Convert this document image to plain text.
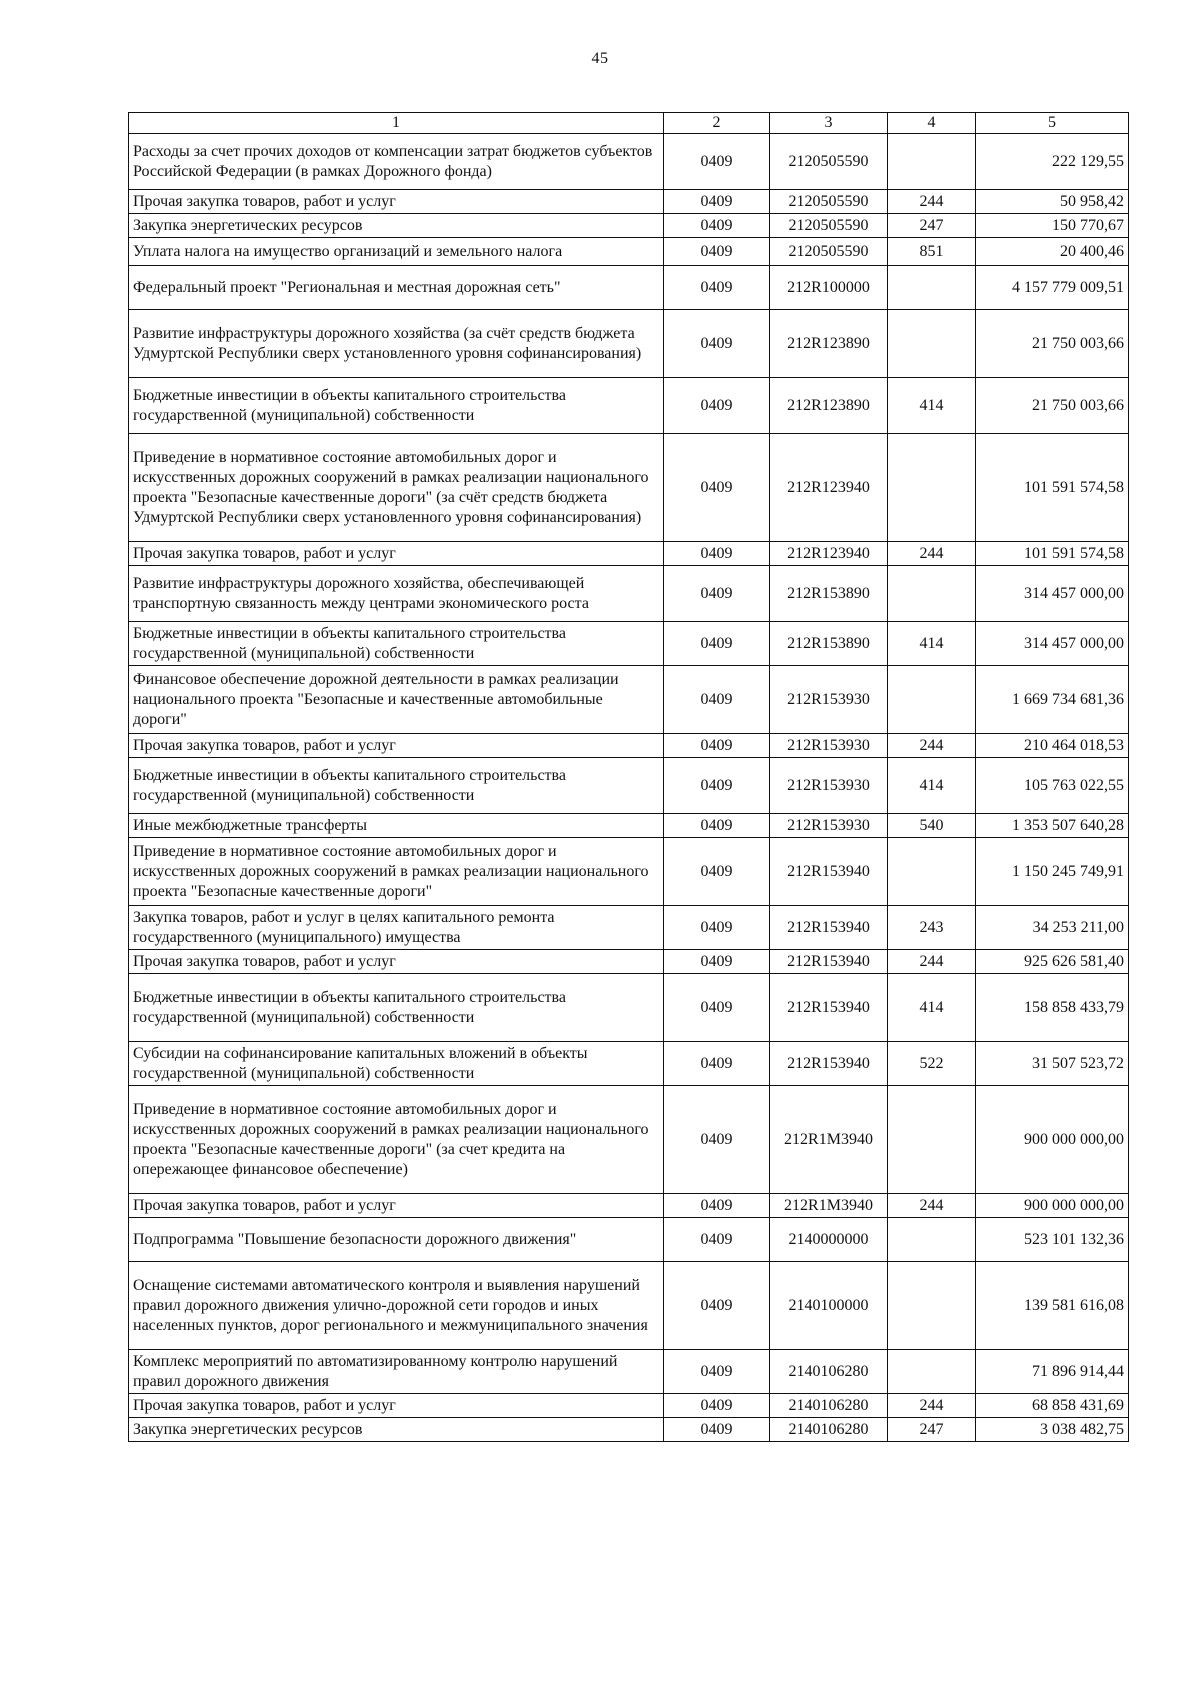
45
1	2	3	4	5
Расходы за счет прочих доходов от компенсации затрат бюджетов субъектов Российской Федерации (в рамках Дорожного фонда)	0409	2120505590		222 129,55
Прочая закупка товаров, работ и услуг	0409	2120505590	244	50 958,42
Закупка энергетических ресурсов	0409	2120505590	247	150 770,67
Уплата налога на имущество организаций и земельного налога	0409	2120505590	851	20 400,46
Федеральный проект "Региональная и местная дорожная сеть"	0409	212R100000		4 157 779 009,51
Развитие инфраструктуры дорожного хозяйства (за счёт средств бюджета Удмуртской Республики сверх установленного уровня софинансирования)	0409	212R123890		21 750 003,66
Бюджетные инвестиции в объекты капитального строительства государственной (муниципальной) собственности	0409	212R123890	414	21 750 003,66
Приведение в нормативное состояние автомобильных дорог и искусственных дорожных сооружений в рамках реализации национального проекта "Безопасные качественные дороги" (за счёт средств бюджета Удмуртской Республики сверх установленного уровня софинансирования)	0409	212R123940		101 591 574,58
Прочая закупка товаров, работ и услуг	0409	212R123940	244	101 591 574,58
Развитие инфраструктуры дорожного хозяйства, обеспечивающей транспортную связанность между центрами экономического роста	0409	212R153890		314 457 000,00
Бюджетные инвестиции в объекты капитального строительства государственной (муниципальной) собственности	0409	212R153890	414	314 457 000,00
Финансовое обеспечение дорожной деятельности в рамках реализации национального проекта "Безопасные и качественные автомобильные дороги"	0409	212R153930		1 669 734 681,36
Прочая закупка товаров, работ и услуг	0409	212R153930	244	210 464 018,53
Бюджетные инвестиции в объекты капитального строительства государственной (муниципальной) собственности	0409	212R153930	414	105 763 022,55
Иные межбюджетные трансферты	0409	212R153930	540	1 353 507 640,28
Приведение в нормативное состояние автомобильных дорог и искусственных дорожных сооружений в рамках реализации национального проекта "Безопасные качественные дороги"	0409	212R153940		1 150 245 749,91
Закупка товаров, работ и услуг в целях капитального ремонта государственного (муниципального) имущества	0409	212R153940	243	34 253 211,00
Прочая закупка товаров, работ и услуг	0409	212R153940	244	925 626 581,40
Бюджетные инвестиции в объекты капитального строительства государственной (муниципальной) собственности	0409	212R153940	414	158 858 433,79
Субсидии на софинансирование капитальных вложений в объекты государственной (муниципальной) собственности	0409	212R153940	522	31 507 523,72
Приведение в нормативное состояние автомобильных дорог и искусственных дорожных сооружений в рамках реализации национального проекта "Безопасные качественные дороги" (за счет кредита на опережающее финансовое обеспечение)	0409	212R1M3940		900 000 000,00
Прочая закупка товаров, работ и услуг	0409	212R1M3940	244	900 000 000,00
Подпрограмма "Повышение безопасности дорожного движения"	0409	2140000000		523 101 132,36
Оснащение системами автоматического контроля и выявления нарушений правил дорожного движения улично-дорожной сети городов и иных населенных пунктов, дорог регионального и межмуниципального значения	0409	2140100000		139 581 616,08
Комплекс мероприятий по автоматизированному контролю нарушений правил дорожного движения	0409	2140106280		71 896 914,44
Прочая закупка товаров, работ и услуг	0409	2140106280	244	68 858 431,69
Закупка энергетических ресурсов	0409	2140106280	247	3 038 482,75
